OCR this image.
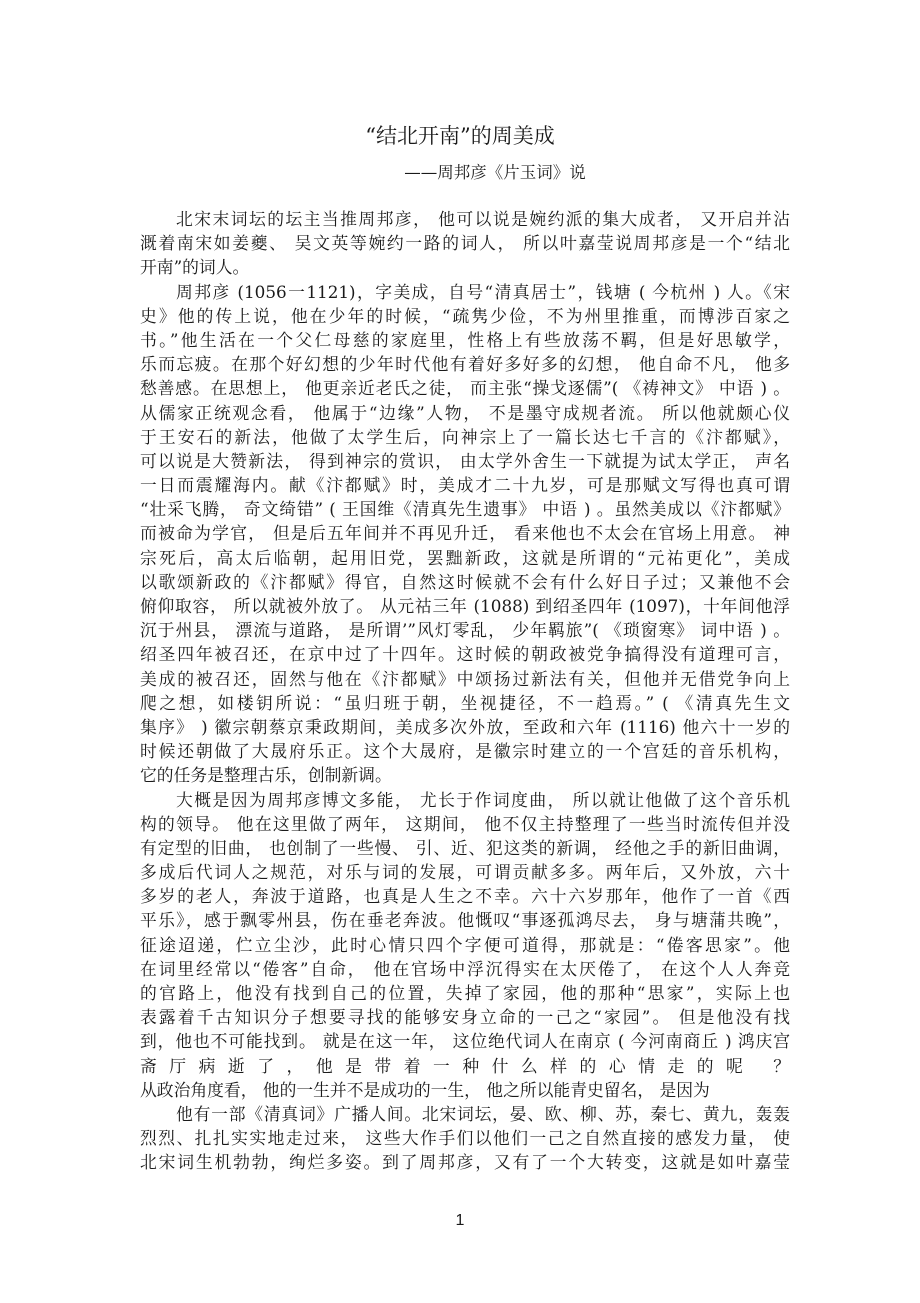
“结北开南”的周美成
——周邦彦《片玉词》说
北宋末词坛的坛主当推周邦彦， 他可以说是婉约派的集大成者， 又开启并沾
溉着南宋如姜夔、 吴文英等婉约一路的词人， 所以叶嘉莹说周邦彦是一个“结北
开南”的词人。
周邦彦 (1056一1121)，字美成，自号“清真居士”，钱塘 ( 今杭州 ) 人。《宋
史》他的传上说，他在少年的时候，“疏隽少俭，不为州里推重，而博涉百家之
书。”他生活在一个父仁母慈的家庭里，性格上有些放荡不羁，但是好思敏学，
乐而忘疲。在那个好幻想的少年时代他有着好多好多的幻想， 他自命不凡， 他多
愁善感。在思想上， 他更亲近老氏之徒， 而主张“操戈逐儒”( 《祷神文》 中语 ) 。
从儒家正统观念看， 他属于“边缘”人物， 不是墨守成规者流。 所以他就颇心仪
于王安石的新法，他做了太学生后，向神宗上了一篇长达七千言的《汴都赋》，
可以说是大赞新法， 得到神宗的赏识， 由太学外舍生一下就提为试太学正， 声名
一日而震耀海内。献《汴都赋》时，美成才二十九岁，可是那赋文写得也真可谓
“壮采飞腾， 奇文绮错” ( 王国维《清真先生遗事》 中语 ) 。虽然美成以《汴都赋》
而被命为学官， 但是后五年间并不再见升迁， 看来他也不太会在官场上用意。 神
宗死后，高太后临朝，起用旧党，罢黜新政，这就是所谓的“元祐更化”，美成
以歌颂新政的《汴都赋》得官，自然这时候就不会有什么好日子过；又兼他不会
俯仰取容， 所以就被外放了。 从元祜三年 (1088) 到绍圣四年 (1097)，十年间他浮
沉于州县， 漂流与道路， 是所谓’”风灯零乱， 少年羁旅”( 《琐窗寒》 词中语 ) 。
绍圣四年被召还，在京中过了十四年。这时候的朝政被党争搞得没有道理可言，
美成的被召还，固然与他在《汴都赋》中颂扬过新法有关，但他并无借党争向上
爬之想，如楼钥所说：“虽归班于朝，坐视捷径，不一趋焉。” ( 《清真先生文
集序》 ) 徽宗朝蔡京秉政期间，美成多次外放，至政和六年 (1116) 他六十一岁的
时候还朝做了大晟府乐正。这个大晟府，是徽宗时建立的一个宫廷的音乐机构，
它的任务是整理古乐，创制新调。
大概是因为周邦彦博文多能， 尤长于作词度曲， 所以就让他做了这个音乐机
构的领导。 他在这里做了两年， 这期间， 他不仅主持整理了一些当时流传但并没
有定型的旧曲， 也创制了一些慢、 引、近、犯这类的新调， 经他之手的新旧曲调，
多成后代词人之规范，对乐与词的发展，可谓贡献多多。两年后，又外放，六十
多岁的老人，奔波于道路，也真是人生之不幸。六十六岁那年，他作了一首《西
平乐》，感于飘零州县，伤在垂老奔波。他慨叹“事逐孤鸿尽去， 身与塘蒲共晚”，
征途迢递，伫立尘沙，此时心情只四个字便可道得，那就是：“倦客思家”。他
在词里经常以“倦客”自命， 他在官场中浮沉得实在太厌倦了， 在这个人人奔竞
的官路上，他没有找到自己的位置，失掉了家园，他的那种“思家”，实际上也
表露着千古知识分子想要寻找的能够安身立命的一己之“家园”。 但是他没有找
到，他也不可能找到。 就是在这一年， 这位绝代词人在南京 ( 今河南商丘 ) 鸿庆宫
斋厅病逝了，他是带着一种什么样的心情走的呢 ？
从政治角度看， 他的一生并不是成功的一生， 他之所以能青史留名， 是因为
他有一部《清真词》广播人间。北宋词坛，晏、欧、柳、苏，秦七、黄九，轰轰
烈烈、扎扎实实地走过来， 这些大作手们以他们一己之自然直接的感发力量， 使
北宋词生机勃勃，绚烂多姿。到了周邦彦，又有了一个大转变，这就是如叶嘉莹
1
